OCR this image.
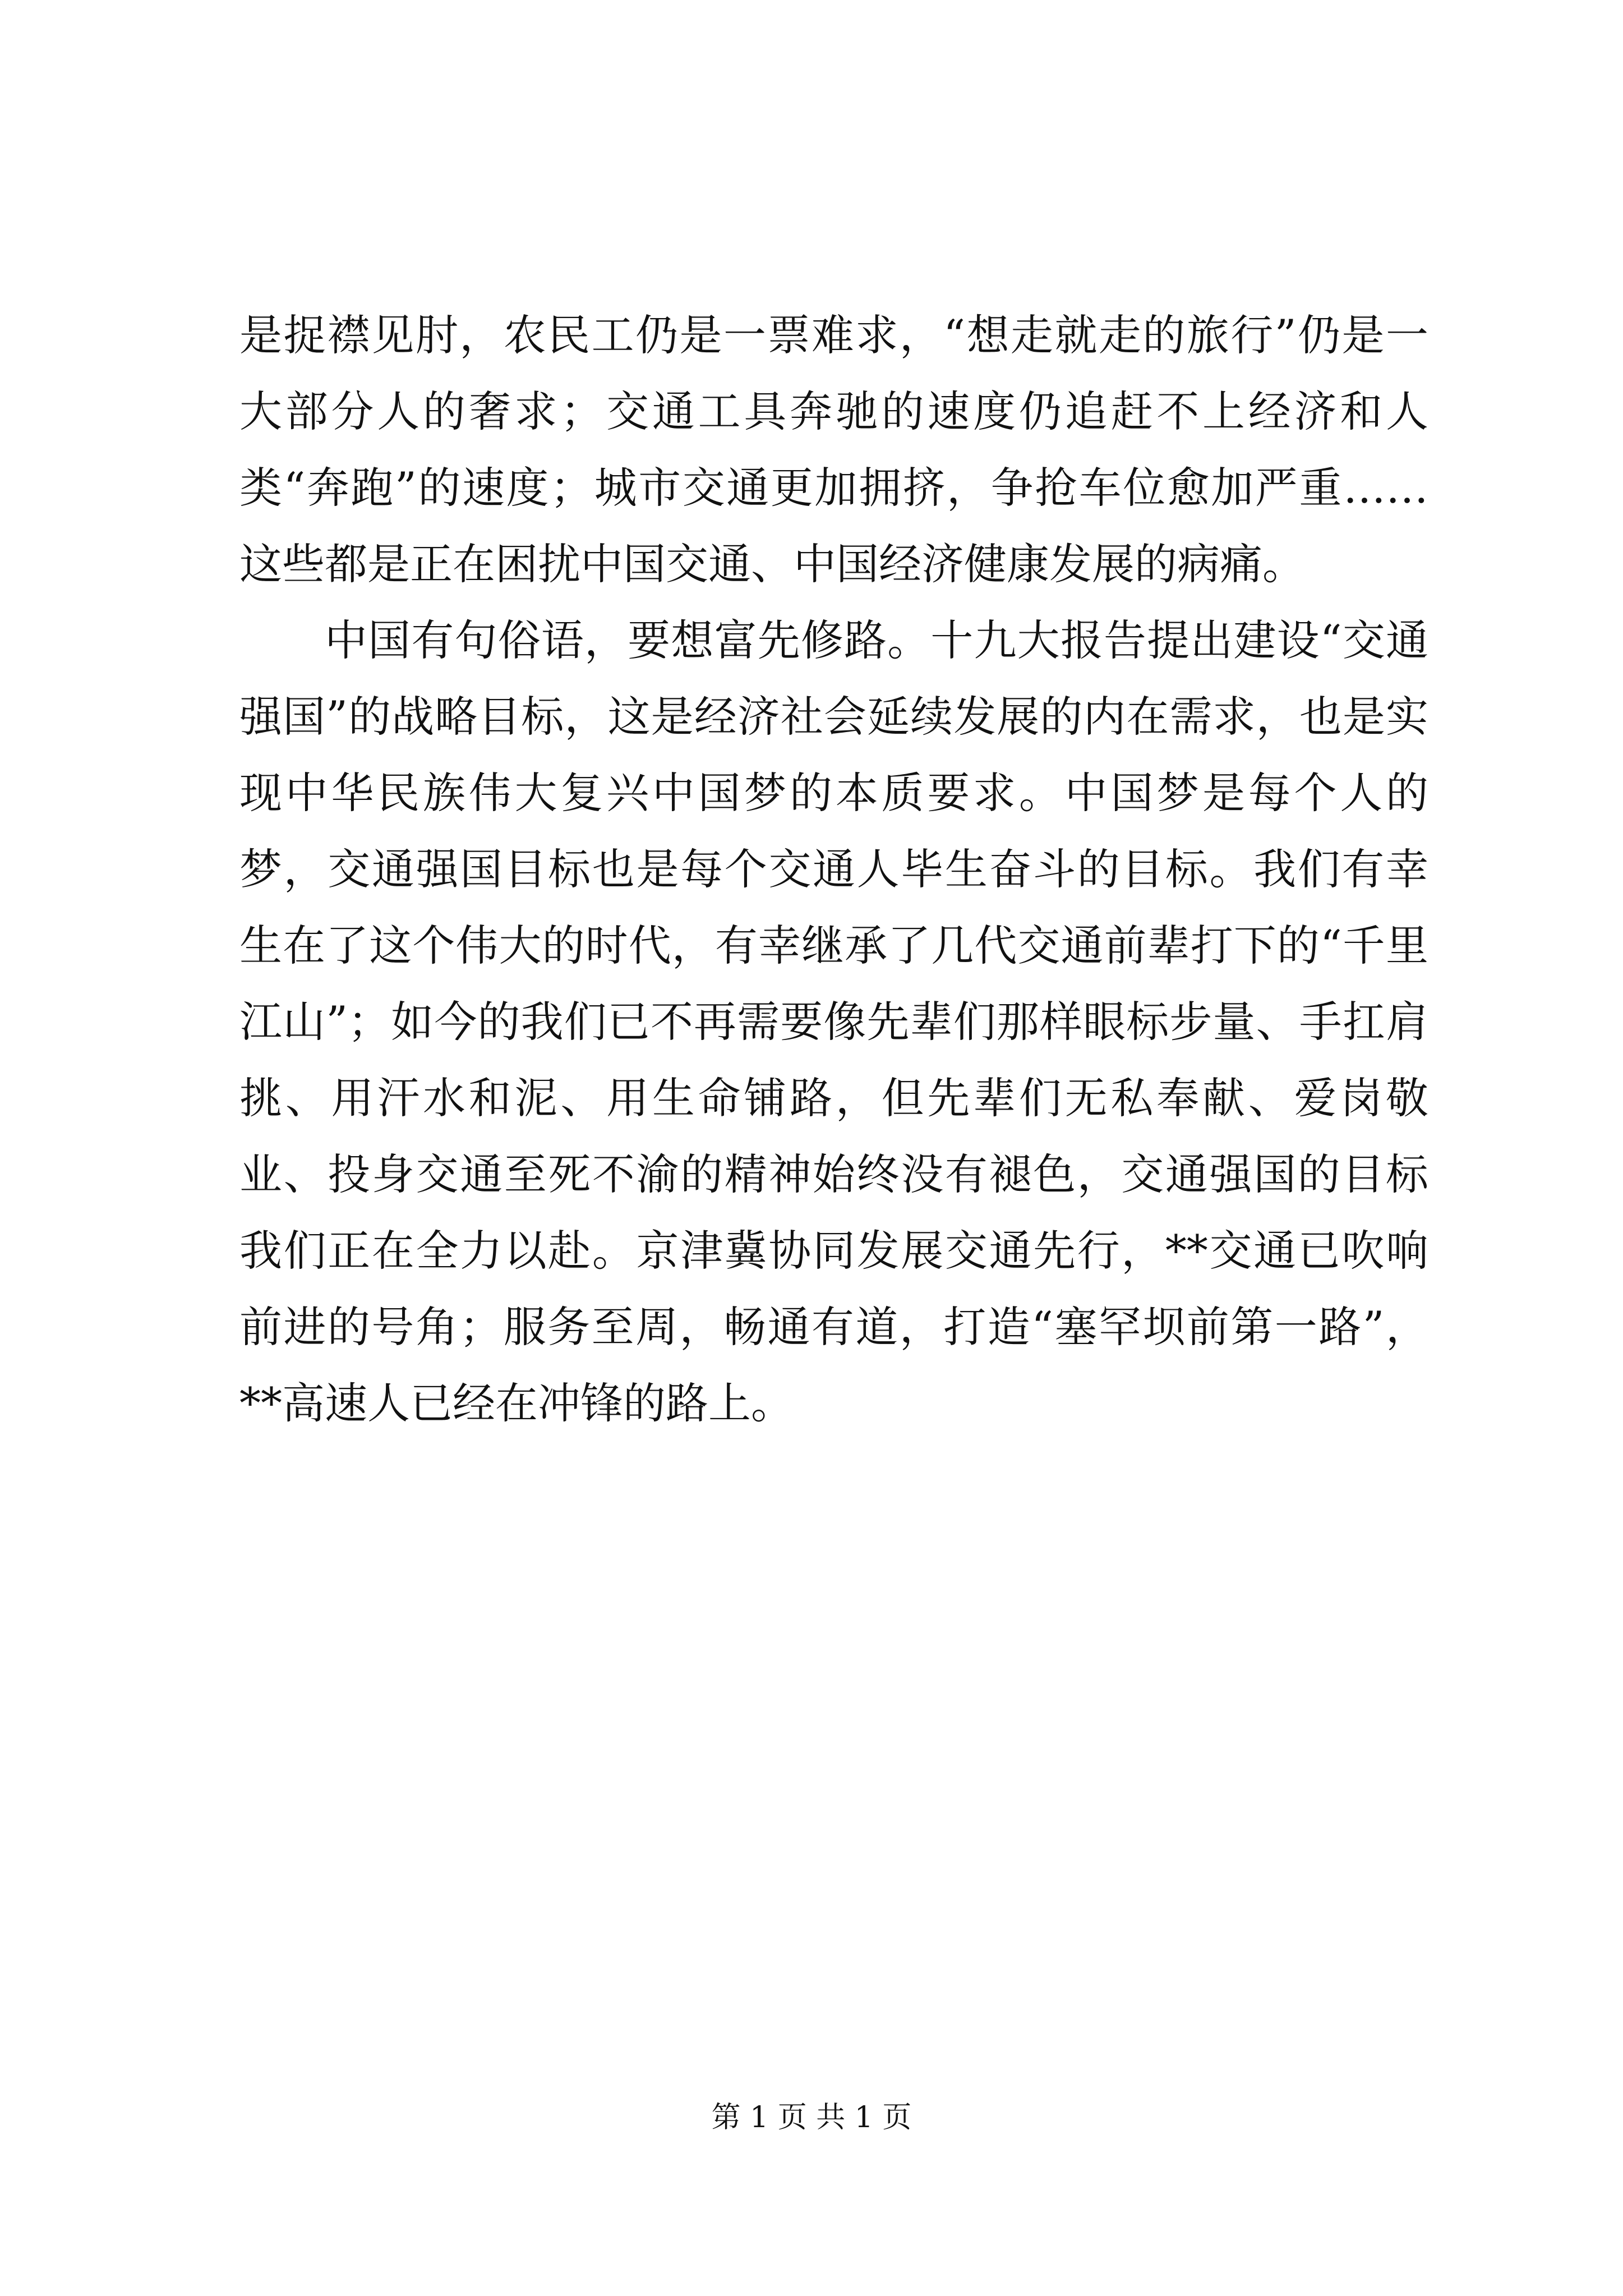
是捉襟见肘，农民工仍是一票难求，“想走就走的旅行”仍是一大部分人的奢求；交通工具奔驰的速度仍追赶不上经济和人类“奔跑”的速度；城市交通更加拥挤，争抢车位愈加严重……这些都是正在困扰中国交通、中国经济健康发展的病痛。

中国有句俗语，要想富先修路。十九大报告提出建设“交通强国”的战略目标，这是经济社会延续发展的内在需求，也是实现中华民族伟大复兴中国梦的本质要求。中国梦是每个人的梦，交通强国目标也是每个交通人毕生奋斗的目标。我们有幸生在了这个伟大的时代，有幸继承了几代交通前辈打下的“千里江山”；如今的我们已不再需要像先辈们那样眼标步量、手扛肩挑、用汗水和泥、用生命铺路，但先辈们无私奉献、爱岗敬业、投身交通至死不渝的精神始终没有褪色，交通强国的目标我们正在全力以赴。京津冀协同发展交通先行，**交通已吹响前进的号角；服务至周，畅通有道，打造“塞罕坝前第一路”，**高速人已经在冲锋的路上。

第 1 页 共 1 页
